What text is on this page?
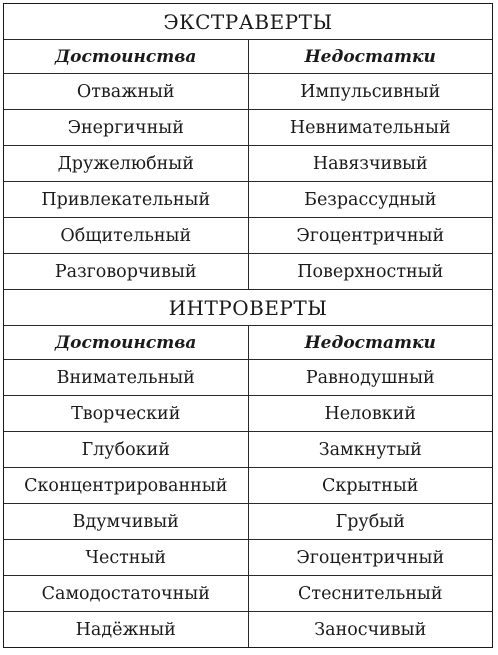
ЭКСТРАВЕРТЫ	
Достоинства	Недостатки
Отважный	Импульсивный
Энергичный	Невнимательный
Дружелюбный	Навязчивый
Привлекательный	Безрассудный
Общительный	Эгоцентричный
Разговорчивый	Поверхностный
ИНТРОВЕРТЫ	
Достоинства	Недостатки
Внимательный	Равнодушный
Творческий	Неловкий
Глубокий	Замкнутый
Сконцентрированный	Скрытный
Вдумчивый	Грубый
Честный	Эгоцентричный
Самодостаточный	Стеснительный
Надёжный	Заносчивый
